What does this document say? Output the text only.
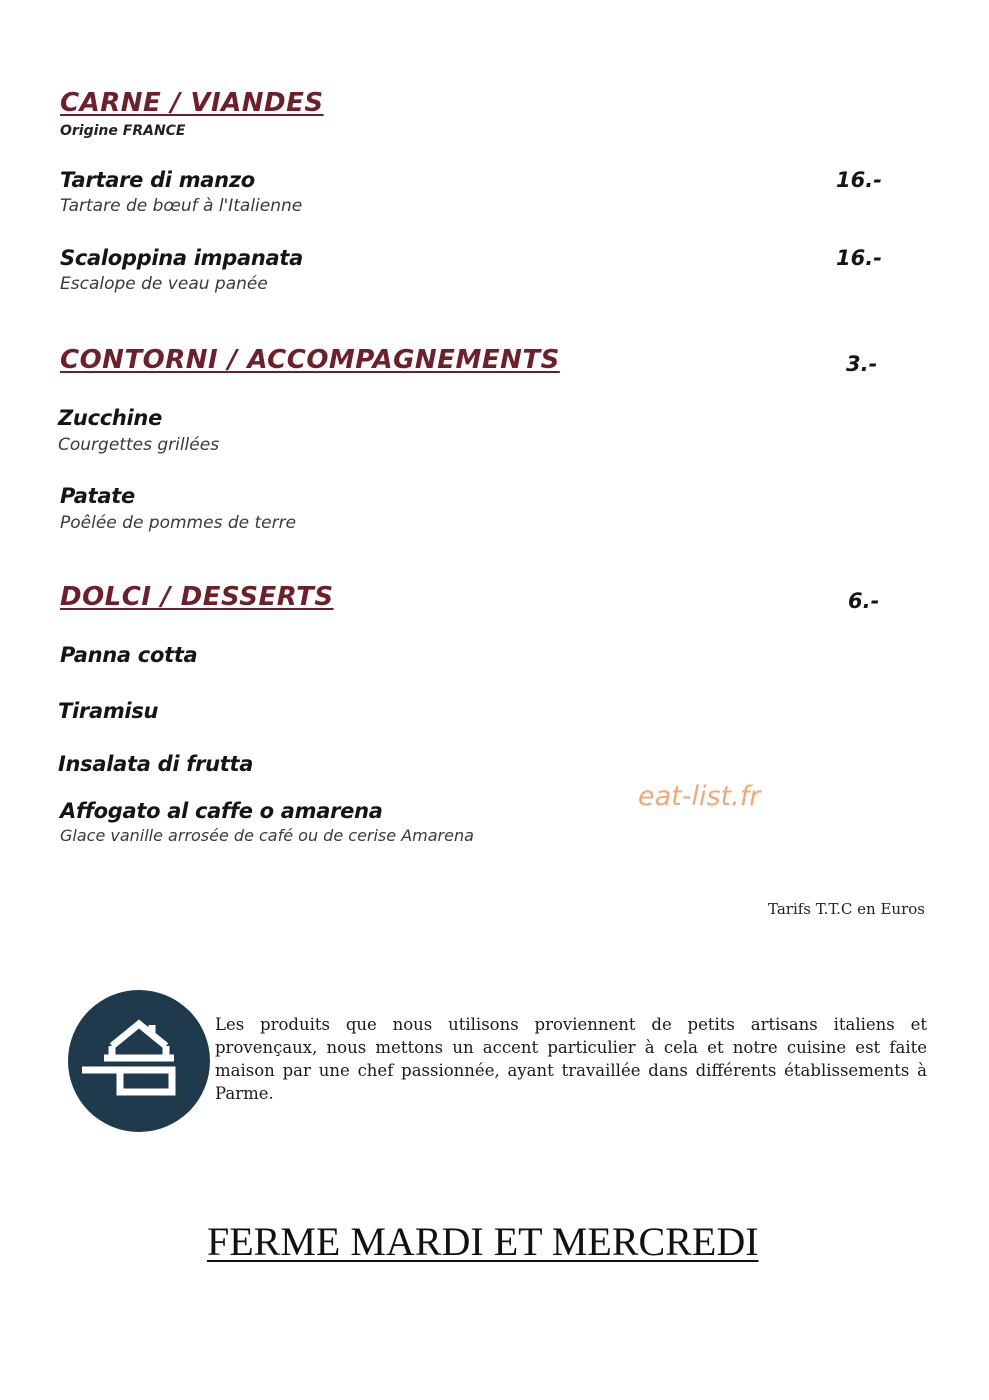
CARNE / VIANDES
Origine FRANCE
Tartare di manzo
Tartare de bœuf à l'Italienne
16.-
Scaloppina impanata
Escalope de veau panée
16.-
CONTORNI / ACCOMPAGNEMENTS	3.-
Zucchine
Courgettes grillées
Patate
Poêlée de pommes de terre
DOLCI / DESSERTS	6.-
Panna cotta
Tiramisu
Insalata di frutta
Affogato al caffe o amarena
Glace vanille arrosée de café ou de cerise Amarena
eat-list.fr
Tarifs T.T.C en Euros
Les produits que nous utilisons proviennent de petits artisans italiens et provençaux, nous mettons un accent particulier à cela et notre cuisine est faite maison par une chef passionnée, ayant travaillée dans différents établissements à Parme.
FERME MARDI ET MERCREDI
